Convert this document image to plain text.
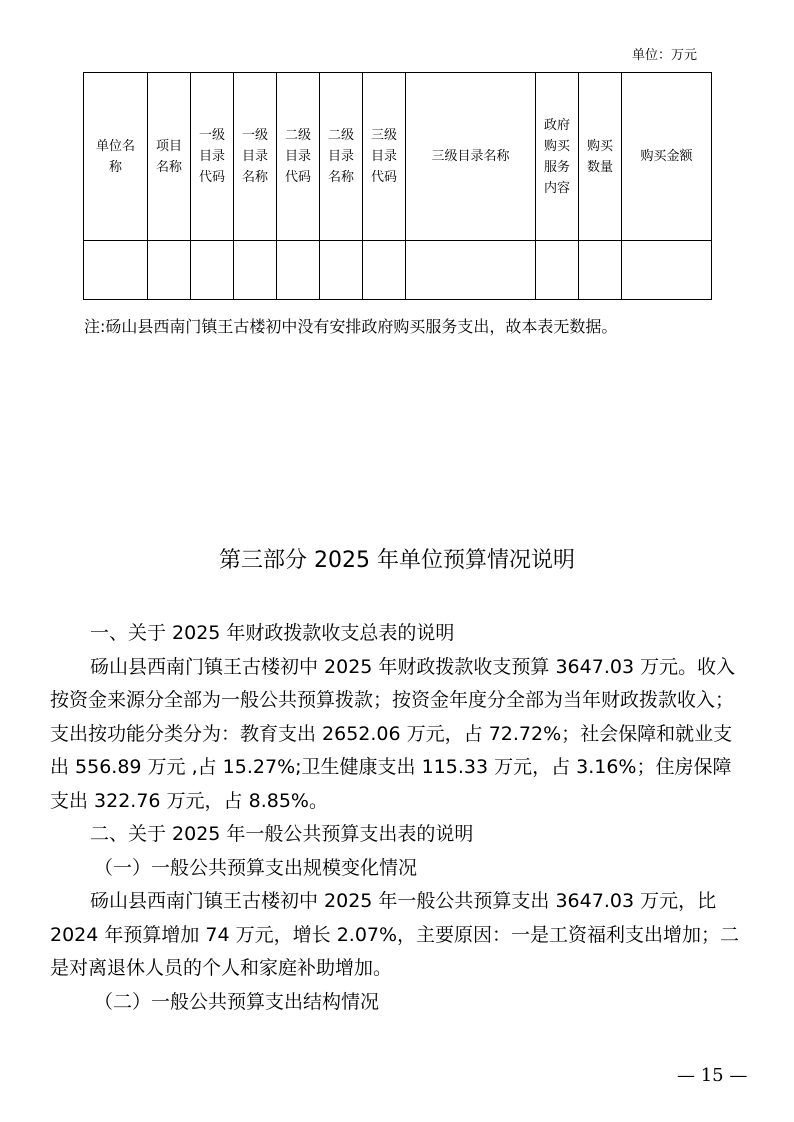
单位：万元
单位名
称	项目
名称	一级
目录
代码	一级
目录
名称	二级
目录
代码	二级
目录
名称	三级
目录
代码	三级目录名称	政府
购买
服务
内容	购买
数量	购买金额

注:砀山县西南门镇王古楼初中没有安排政府购买服务支出，故本表无数据。
第三部分 2025 年单位预算情况说明

一、关于 2025 年财政拨款收支总表的说明

砀山县西南门镇王古楼初中 2025 年财政拨款收支预算 3647.03 万元。收入按资金来源分全部为一般公共预算拨款；按资金年度分全部为当年财政拨款收入；支出按功能分类分为：教育支出 2652.06 万元，占 72.72%；社会保障和就业支出 556.89 万元 ,占 15.27%;卫生健康支出 115.33 万元，占 3.16%；住房保障支出 322.76 万元，占 8.85%。

二、关于 2025 年一般公共预算支出表的说明

（一）一般公共预算支出规模变化情况

砀山县西南门镇王古楼初中 2025 年一般公共预算支出 3647.03 万元，比 2024 年预算增加 74 万元，增长 2.07%，主要原因：一是工资福利支出增加；二是对离退休人员的个人和家庭补助增加。

（二）一般公共预算支出结构情况

— 15 —
